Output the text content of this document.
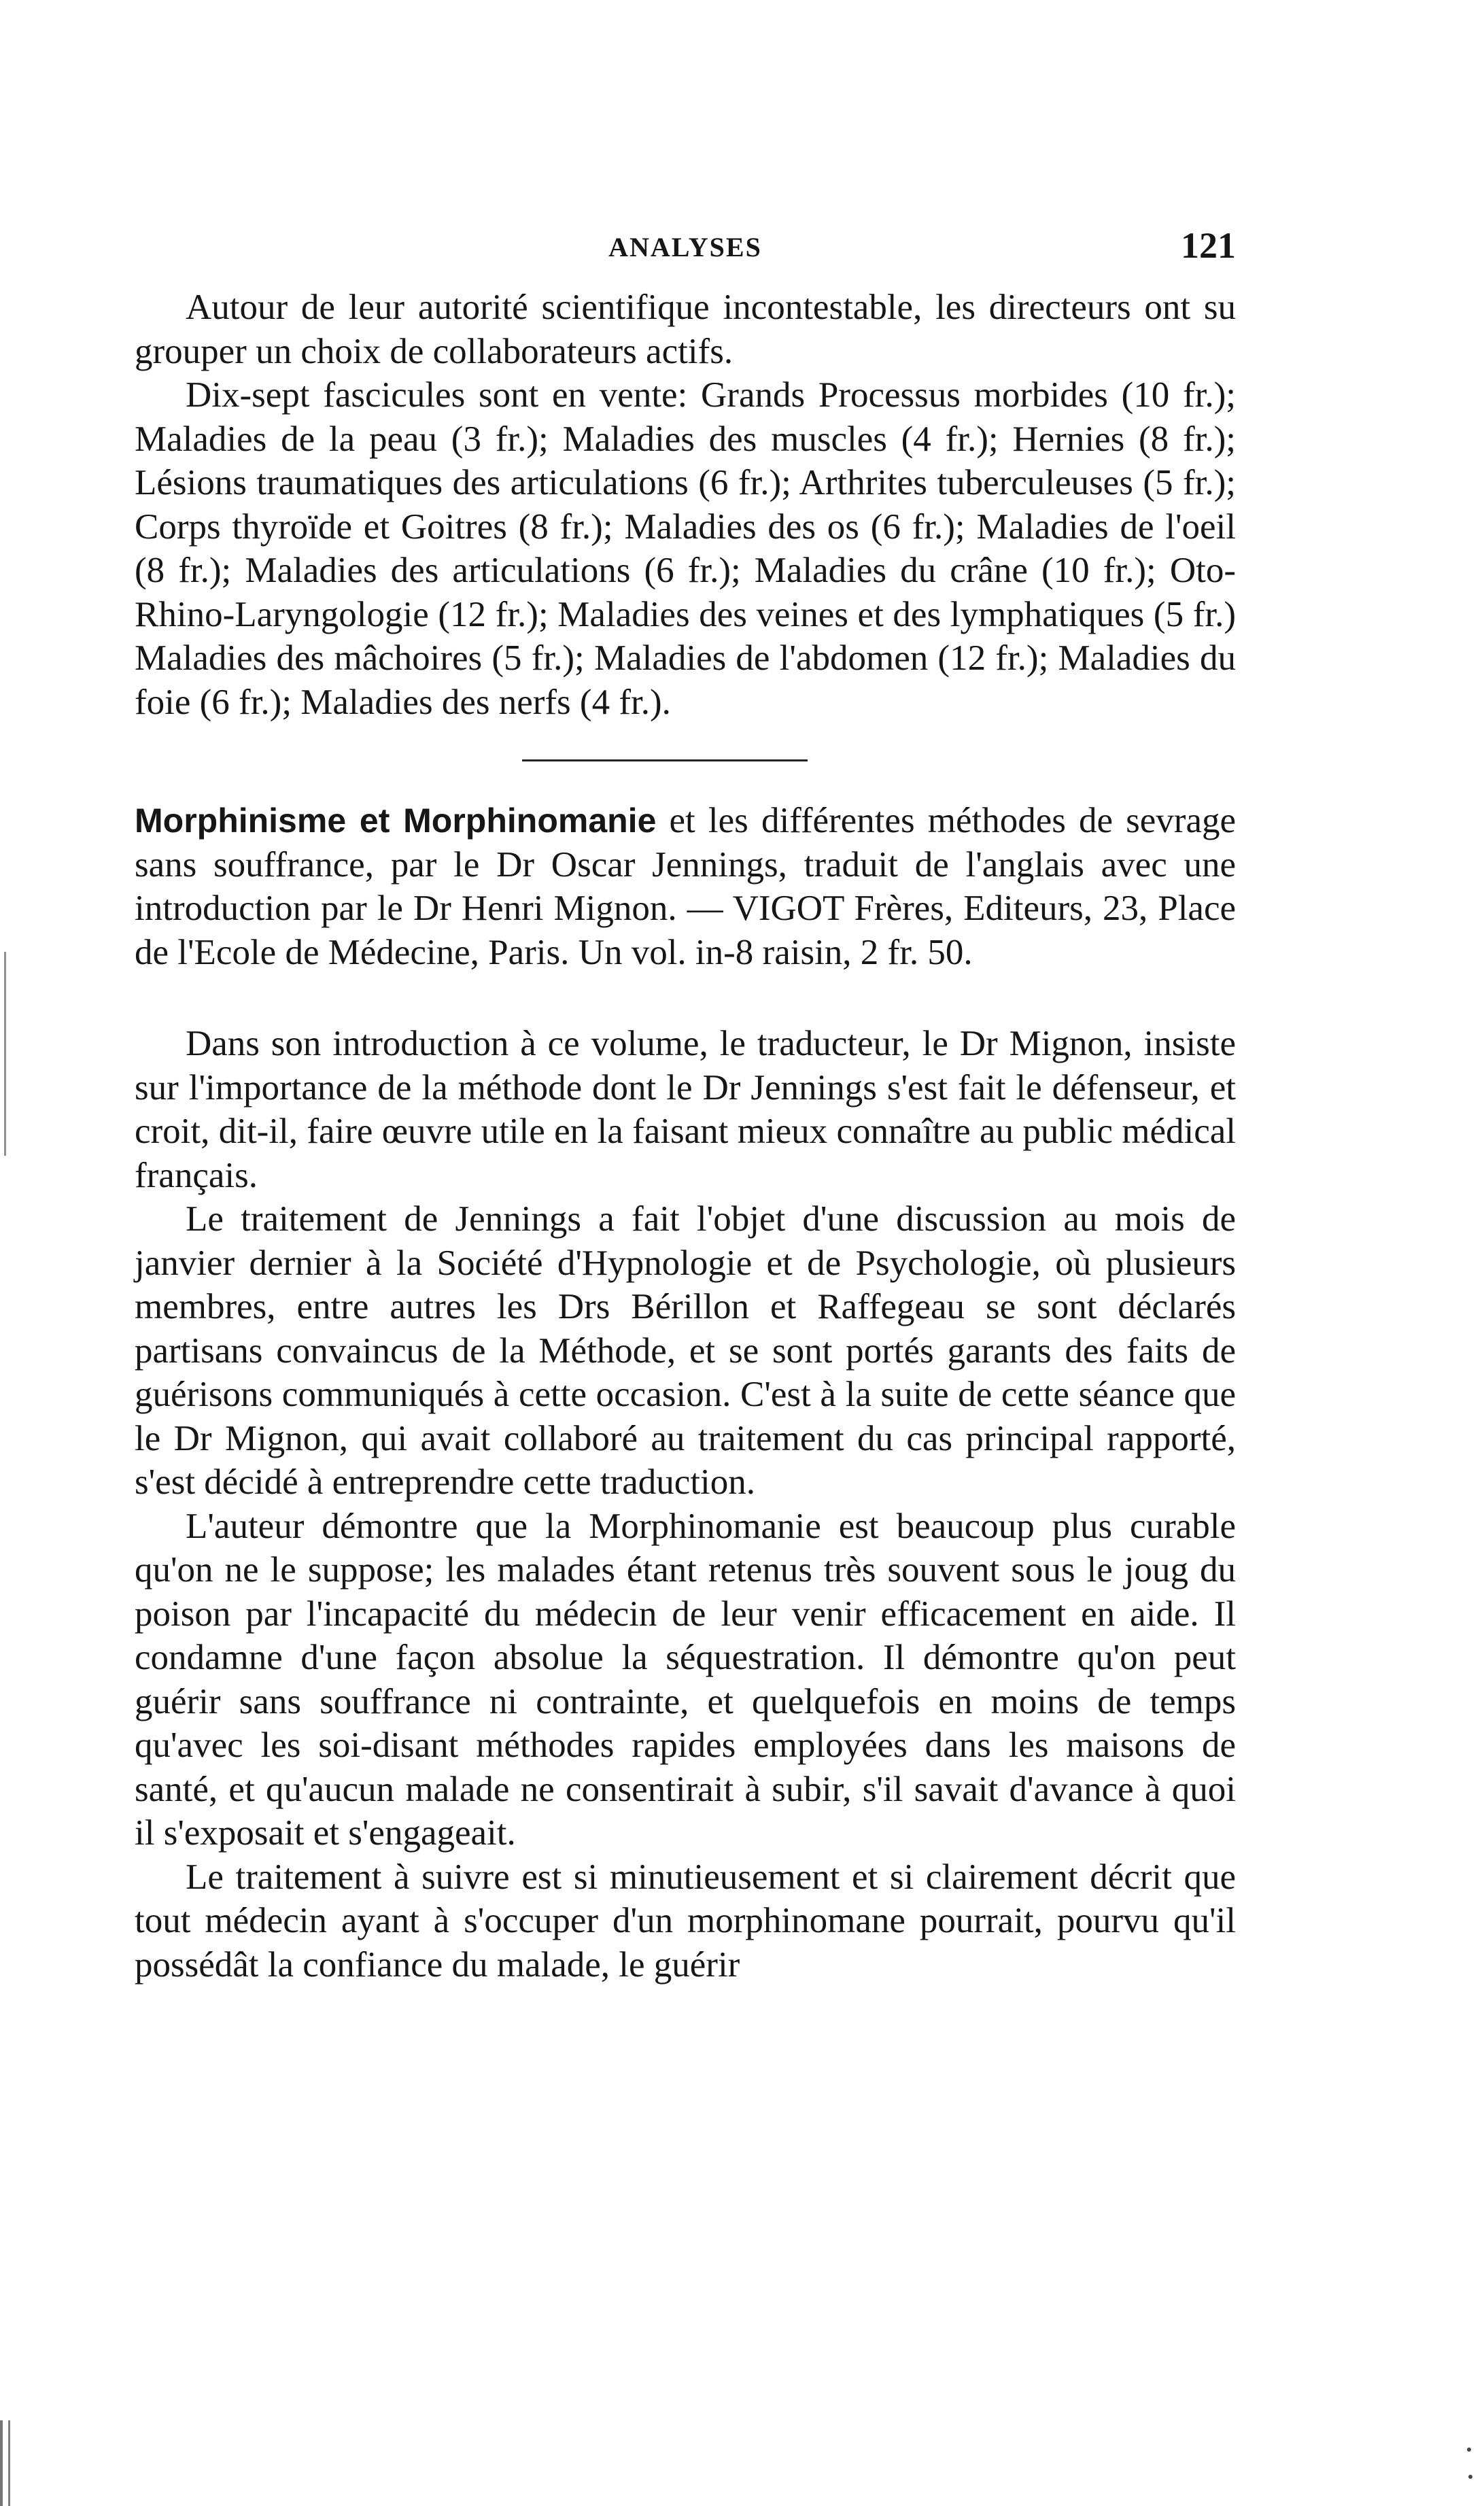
ANALYSES	121

Autour de leur autorité scientifique incontestable, les directeurs ont su grouper un choix de collaborateurs actifs.

Dix-sept fascicules sont en vente: Grands Processus morbides (10 fr.); Maladies de la peau (3 fr.); Maladies des muscles (4 fr.); Hernies (8 fr.); Lésions traumatiques des articulations (6 fr.); Arthrites tuberculeuses (5 fr.); Corps thyroïde et Goitres (8 fr.); Maladies des os (6 fr.); Maladies de l'oeil (8 fr.); Maladies des articulations (6 fr.); Maladies du crâne (10 fr.); Oto-Rhino-Laryngologie (12 fr.); Maladies des veines et des lymphatiques (5 fr.) Maladies des mâchoires (5 fr.); Maladies de l'abdomen (12 fr.); Maladies du foie (6 fr.); Maladies des nerfs (4 fr.).

Morphinisme et Morphinomanie et les différentes méthodes de sevrage sans souffrance, par le Dr Oscar Jennings, traduit de l'anglais avec une introduction par le Dr Henri Mignon. — VIGOT Frères, Editeurs, 23, Place de l'Ecole de Médecine, Paris. Un vol. in-8 raisin, 2 fr. 50.

Dans son introduction à ce volume, le traducteur, le Dr Mignon, insiste sur l'importance de la méthode dont le Dr Jennings s'est fait le défenseur, et croit, dit-il, faire œuvre utile en la faisant mieux connaître au public médical français.

Le traitement de Jennings a fait l'objet d'une discussion au mois de janvier dernier à la Société d'Hypnologie et de Psychologie, où plusieurs membres, entre autres les Drs Bérillon et Raffegeau se sont déclarés partisans convaincus de la Méthode, et se sont portés garants des faits de guérisons communiqués à cette occasion. C'est à la suite de cette séance que le Dr Mignon, qui avait collaboré au traitement du cas principal rapporté, s'est décidé à entreprendre cette traduction.

L'auteur démontre que la Morphinomanie est beaucoup plus curable qu'on ne le suppose; les malades étant retenus très souvent sous le joug du poison par l'incapacité du médecin de leur venir efficacement en aide. Il condamne d'une façon absolue la séquestration. Il démontre qu'on peut guérir sans souffrance ni contrainte, et quelquefois en moins de temps qu'avec les soi-disant méthodes rapides employées dans les maisons de santé, et qu'aucun malade ne consentirait à subir, s'il savait d'avance à quoi il s'exposait et s'engageait.

Le traitement à suivre est si minutieusement et si clairement décrit que tout médecin ayant à s'occuper d'un morphinomane pourrait, pourvu qu'il possédât la confiance du malade, le guérir
